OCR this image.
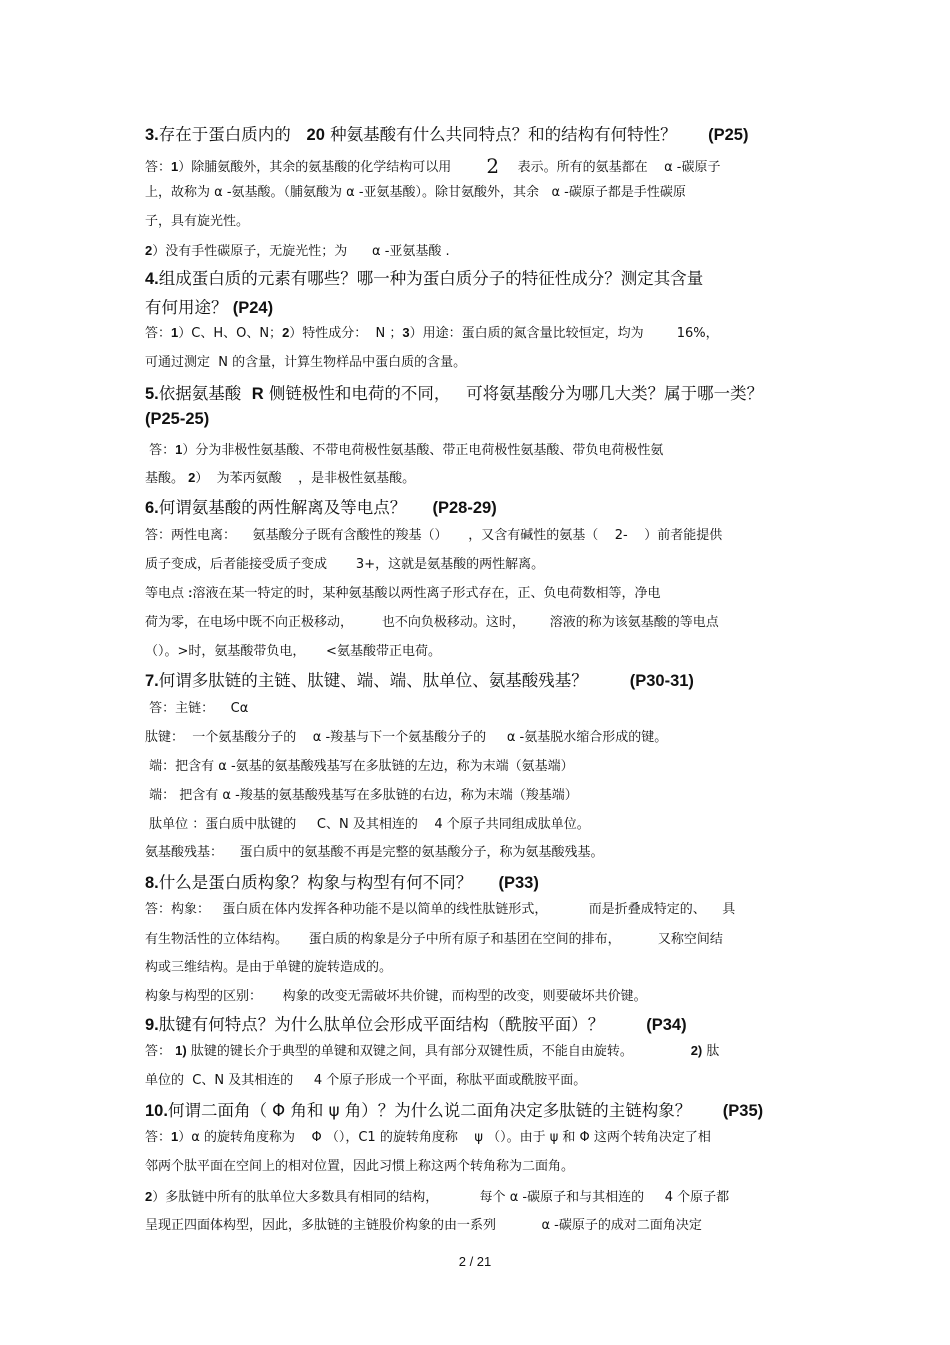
3.存在于蛋白质内的   20 种氨基酸有什么共同特点？和的结构有何特性？      (P25)
答：1）除脯氨酸外，其余的氨基酸的化学结构可以用        2    表示。所有的氨基都在    α -碳原子
上，故称为 α -氨基酸。（脯氨酸为 α -亚氨基酸）。除甘氨酸外，其余   α -碳原子都是手性碳原
子，具有旋光性。
2）没有手性碳原子，无旋光性；为      α -亚氨基酸 .
4.组成蛋白质的元素有哪些？哪一种为蛋白质分子的特征性成分？测定其含量
有何用途？ (P24)
答：1）C、H、O、N；2）特性成分：  N ；3）用途：蛋白质的氮含量比较恒定，均为        16%，
可通过测定  N 的含量，计算生物样品中蛋白质的含量。
5.依据氨基酸  R 侧链极性和电荷的不同，   可将氨基酸分为哪几大类？属于哪一类？
(P25-25)
答：1）分为非极性氨基酸、不带电荷极性氨基酸、带正电荷极性氨基酸、带负电荷极性氨
基酸。 2）  为苯丙氨酸    ，是非极性氨基酸。
6.何谓氨基酸的两性解离及等电点？     (P28-29)
答：两性电离：    氨基酸分子既有含酸性的羧基（）     ，又含有碱性的氨基（    2-    ）前者能提供
质子变成，后者能接受质子变成       3+，这就是氨基酸的两性解离。
等电点 :溶液在某一特定的时，某种氨基酸以两性离子形式存在，正、负电荷数相等，净电
荷为零，在电场中既不向正极移动，       也不向负极移动。这时，      溶液的称为该氨基酸的等电点
（）。>时，氨基酸带负电，     <氨基酸带正电荷。
7.何谓多肽链的主链、肽键、端、端、肽单位、氨基酸残基？        (P30-31)
答：主链：    Cα
肽键：  一个氨基酸分子的    α -羧基与下一个氨基酸分子的     α -氨基脱水缩合形成的键。
端：把含有 α -氨基的氨基酸残基写在多肽链的左边，称为末端（氨基端）
端： 把含有 α -羧基的氨基酸残基写在多肽链的右边，称为末端（羧基端）
肽单位 ：蛋白质中肽键的     C、N 及其相连的    4 个原子共同组成肽单位。
氨基酸残基：    蛋白质中的氨基酸不再是完整的氨基酸分子，称为氨基酸残基。
8.什么是蛋白质构象？构象与构型有何不同？     (P33)
答：构象：   蛋白质在体内发挥各种功能不是以简单的线性肽链形式，          而是折叠成特定的、    具
有生物活性的立体结构。     蛋白质的构象是分子中所有原子和基团在空间的排布，         又称空间结
构或三维结构。是由于单键的旋转造成的。
构象与构型的区别：     构象的改变无需破坏共价键，而构型的改变，则要破坏共价键。
9.肽键有何特点？为什么肽单位会形成平面结构（酰胺平面）？        (P34)
答： 1) 肽键的键长介于典型的单键和双键之间，具有部分双键性质，不能自由旋转。              2) 肽
单位的  C、N 及其相连的     4 个原子形成一个平面，称肽平面或酰胺平面。
10.何谓二面角（ Φ 角和 ψ 角）？为什么说二面角决定多肽链的主链构象？      (P35)
答：1）α 的旋转角度称为    Φ （），C1 的旋转角度称    ψ （）。由于 ψ 和 Φ 这两个转角决定了相
邻两个肽平面在空间上的相对位置，因此习惯上称这两个转角称为二面角。
2）多肽链中所有的肽单位大多数具有相同的结构，          每个 α -碳原子和与其相连的     4 个原子都
呈现正四面体构型，因此，多肽链的主链股价构象的由一系列           α -碳原子的成对二面角决定
2 / 21
